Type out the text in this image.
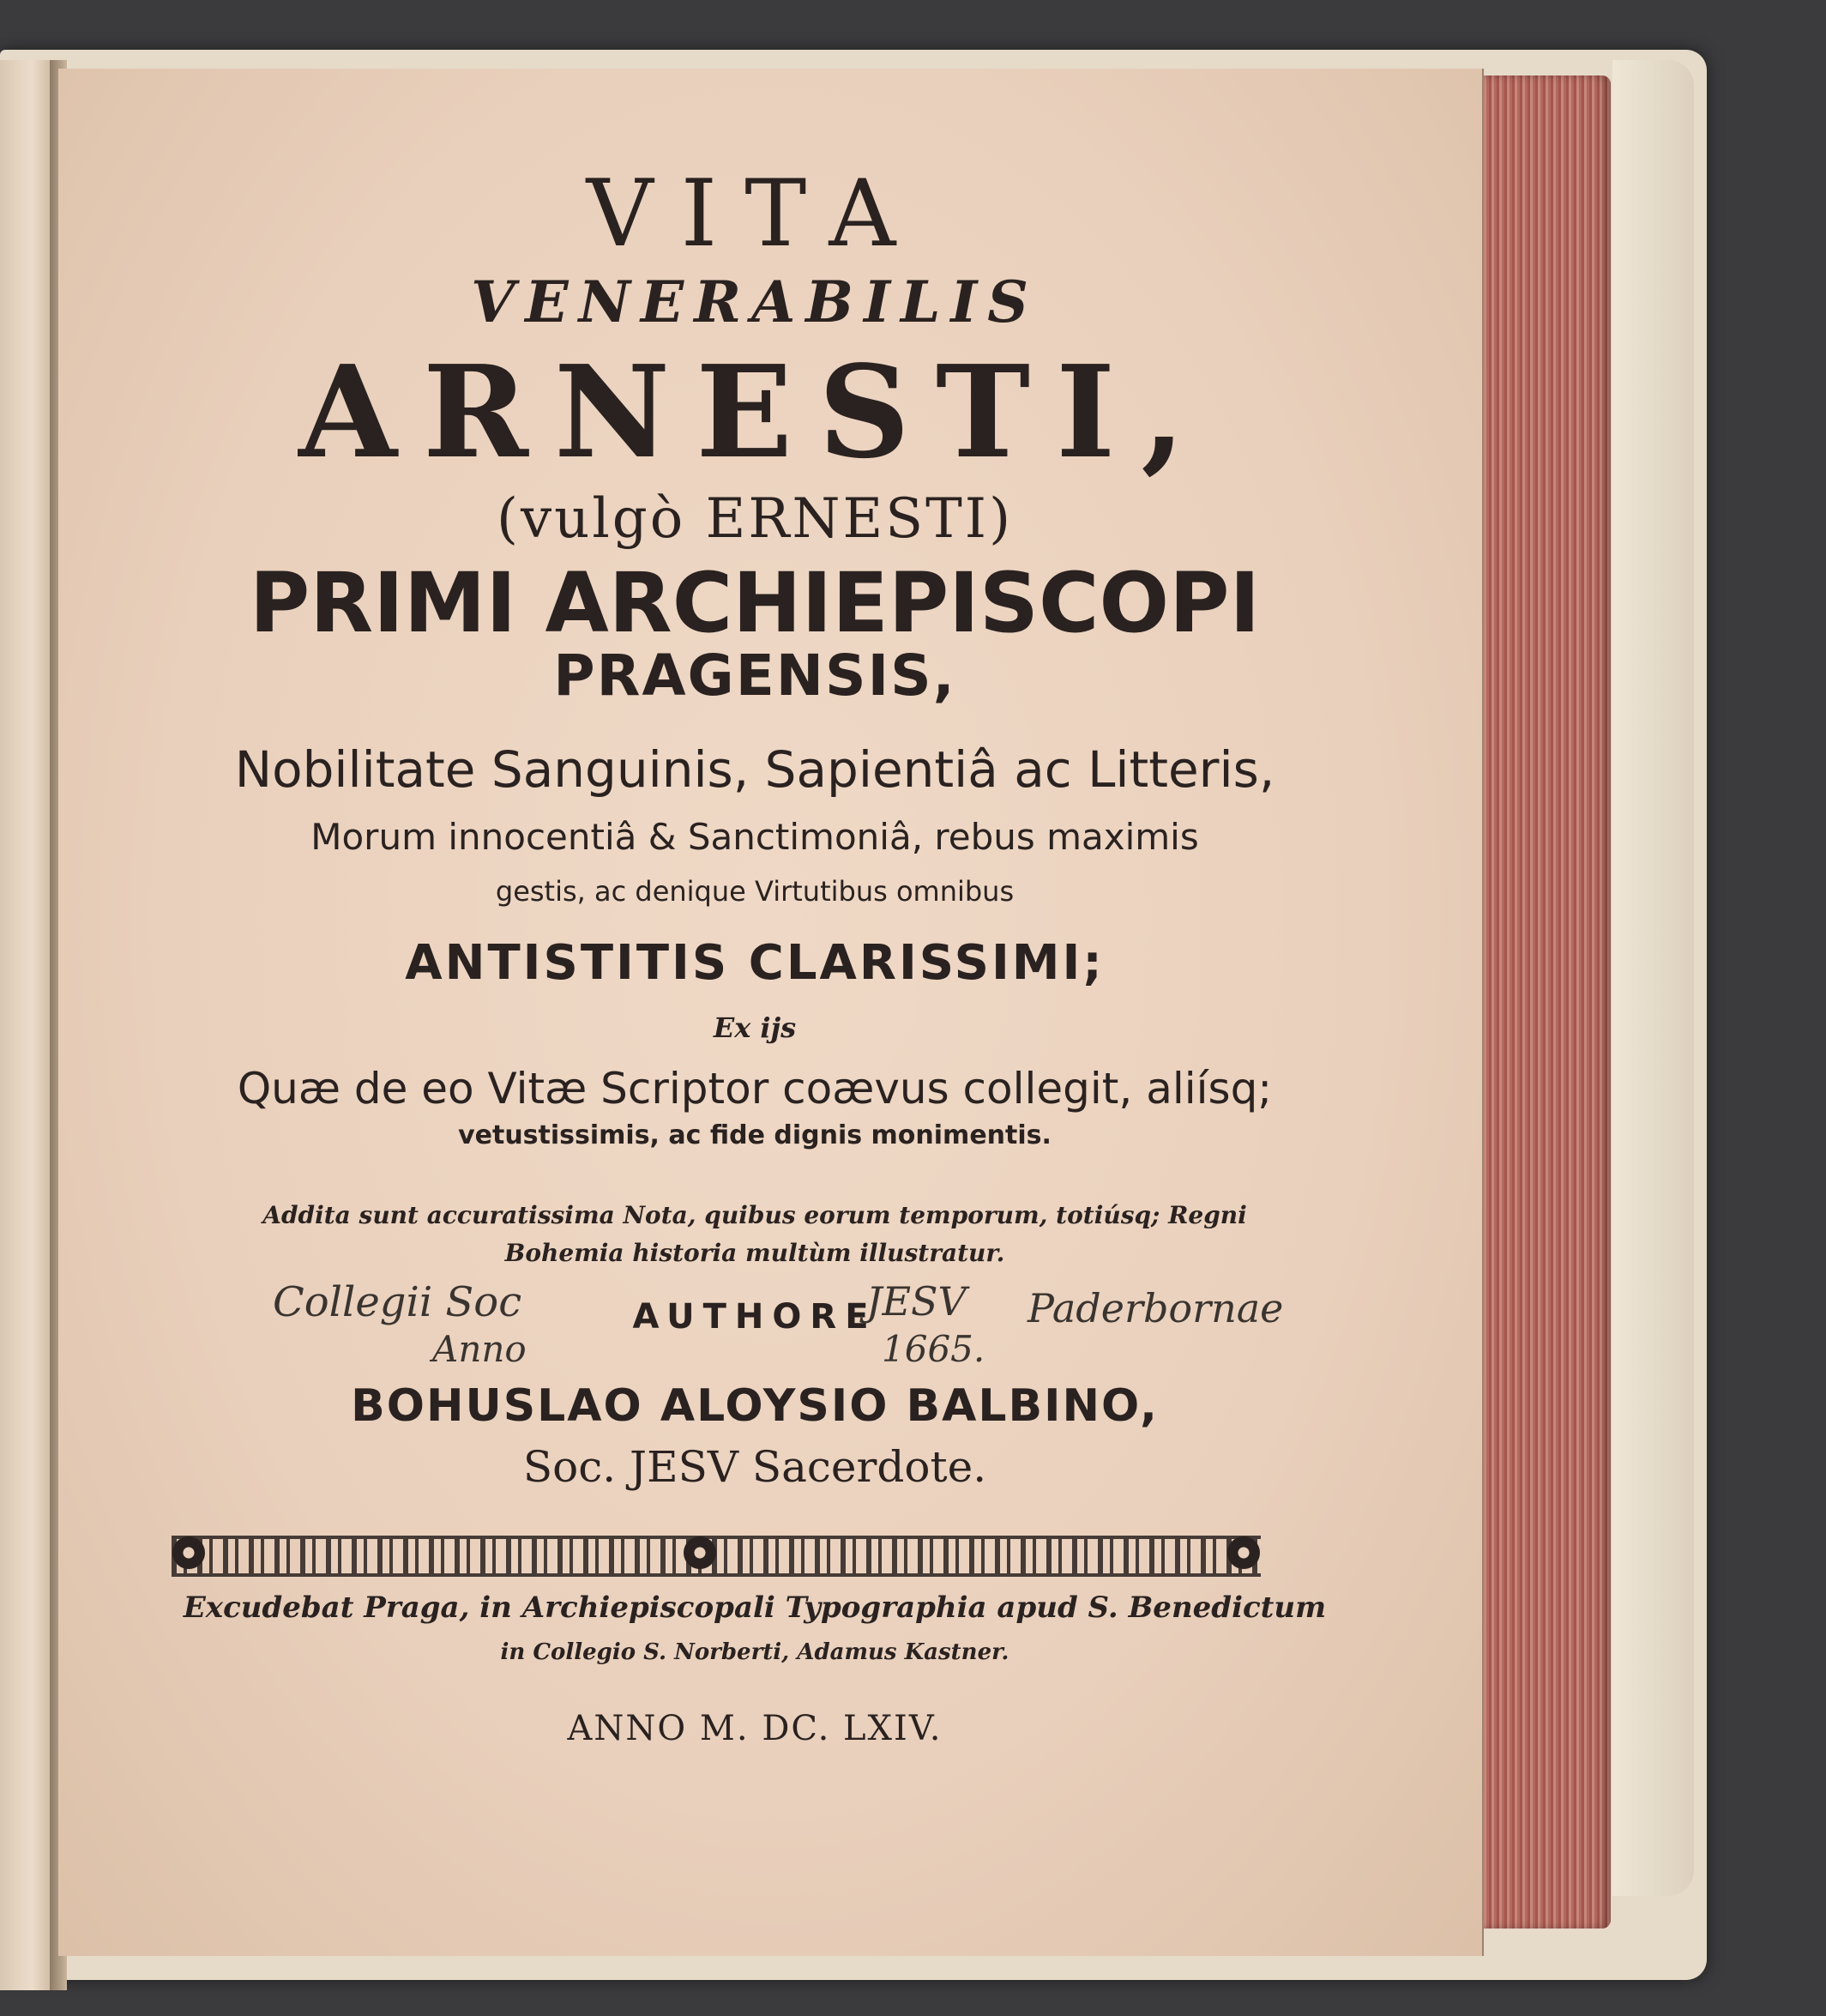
VITA

VENERABILIS

ARNESTI,

(vulgò ERNESTI)

PRIMI ARCHIEPISCOPI

PRAGENSIS,

Nobilitate Sanguinis, Sapientiâ ac Litteris,

Morum innocentiâ & Sanctimoniâ, rebus maximis

gestis, ac denique Virtutibus omnibus

ANTISTITIS CLARISSIMI;

Ex ijs

Quæ de eo Vitæ Scriptor coævus collegit, aliísq;

vetustissimis, ac fide dignis monimentis.

Addita sunt accuratissima Nota, quibus eorum temporum, totiúsq; Regni

Bohemia historia multùm illustratur.

AUTHORE

Collegii Soc	JESV Paderbornae
Anno	1665.

BOHUSLAO ALOYSIO BALBINO,

Soc. JESV Sacerdote.

Excudebat Praga, in Archiepiscopali Typographia apud S. Benedictum

in Collegio S. Norberti, Adamus Kastner.

ANNO M. DC. LXIV.
